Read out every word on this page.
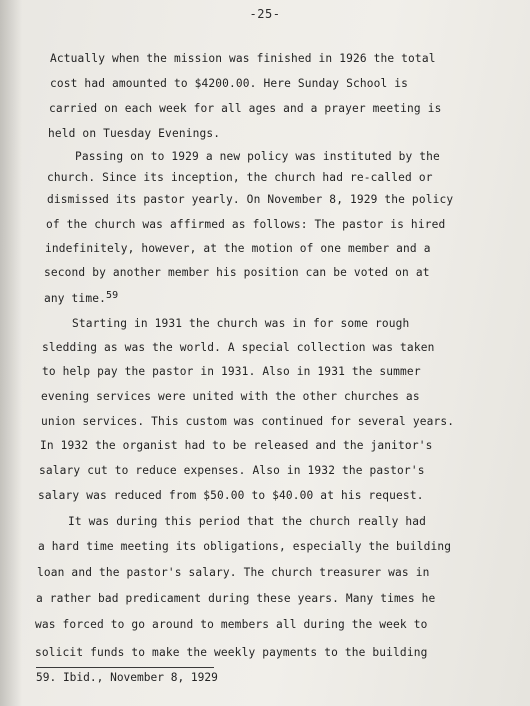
-25-
Actually when the mission was finished in 1926 the total
cost had amounted to $4200.00. Here Sunday School is
carried on each week for all ages and a prayer meeting is
held on Tuesday Evenings.
Passing on to 1929 a new policy was instituted by the
church. Since its inception, the church had re-called or
dismissed its pastor yearly. On November 8, 1929 the policy
of the church was affirmed as follows: The pastor is hired
indefinitely, however, at the motion of one member and a
second by another member his position can be voted on at
any time.59
Starting in 1931 the church was in for some rough
sledding as was the world. A special collection was taken
to help pay the pastor in 1931. Also in 1931 the summer
evening services were united with the other churches as
union services. This custom was continued for several years.
In 1932 the organist had to be released and the janitor's
salary cut to reduce expenses. Also in 1932 the pastor's
salary was reduced from $50.00 to $40.00 at his request.
It was during this period that the church really had
a hard time meeting its obligations, especially the building
loan and the pastor's salary. The church treasurer was in
a rather bad predicament during these years. Many times he
was forced to go around to members all during the week to
solicit funds to make the weekly payments to the building
59. Ibid., November 8, 1929
